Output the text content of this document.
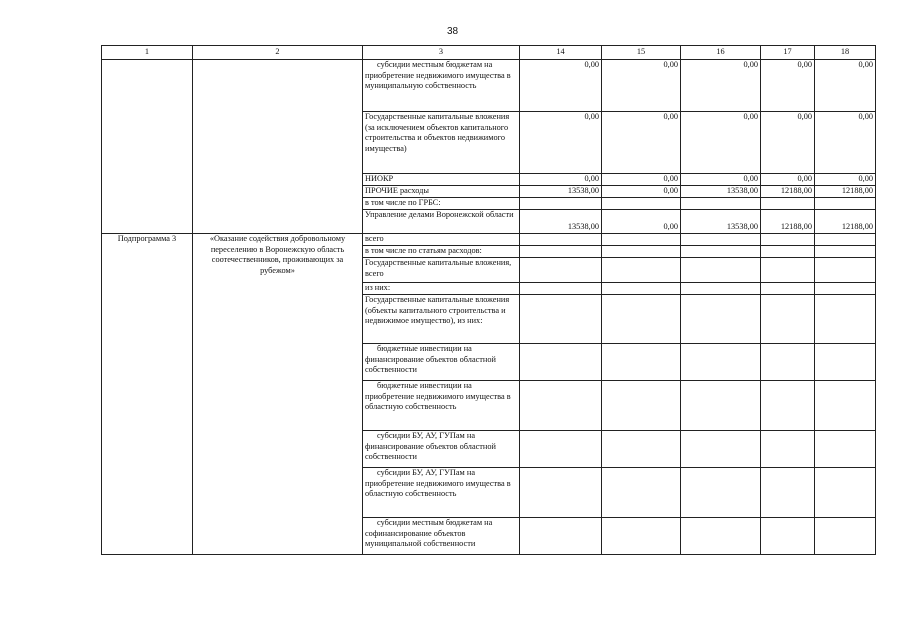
38
1	2	3	14	15	16	17	18
		субсидии местным бюджетам на приобретение недвижимого имущества в муниципальную собственность	0,00	0,00	0,00	0,00	0,00
		Государственные капитальные вложения (за исключением объектов капитального строительства и объектов недвижимого имущества)	0,00	0,00	0,00	0,00	0,00
		НИОКР	0,00	0,00	0,00	0,00	0,00
		ПРОЧИЕ расходы	13538,00	0,00	13538,00	12188,00	12188,00
		в том числе по ГРБС:					
		Управление делами Воронежской области	13538,00	0,00	13538,00	12188,00	12188,00
Подпрограмма 3	«Оказание содействия добровольному переселению в Воронежскую область соотечественников, проживающих за рубежом»	всего					
		в том числе по статьям расходов:					
		Государственные капитальные вложения, всего					
		из них:					
		Государственные капитальные вложения (объекты капитального строительства и недвижимое имущество), из них:					
		бюджетные инвестиции на финансирование объектов областной собственности					
		бюджетные инвестиции на приобретение недвижимого имущества в областную собственность					
		субсидии БУ, АУ, ГУПам на финансирование объектов областной собственности					
		субсидии БУ, АУ, ГУПам на приобретение недвижимого имущества в областную собственность					
		субсидии местным бюджетам на софинансирование объектов муниципальной собственности					
